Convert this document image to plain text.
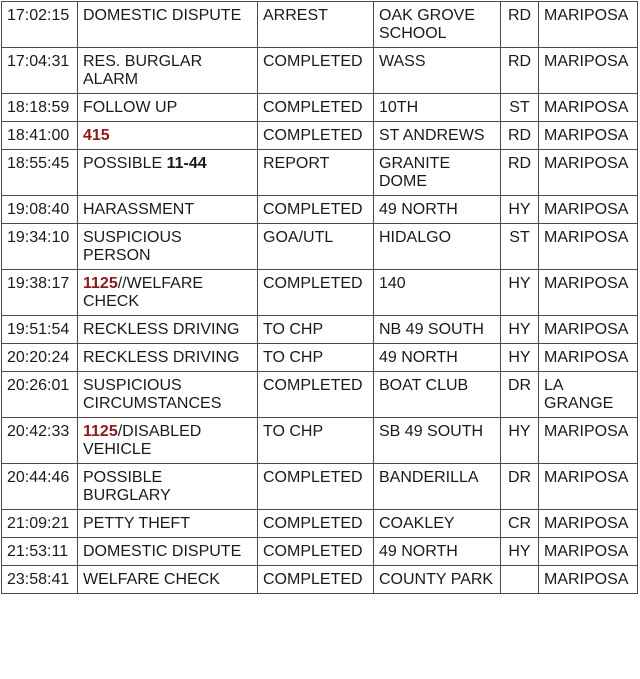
17:02:15	DOMESTIC DISPUTE	ARREST	OAK GROVE SCHOOL	RD	MARIPOSA
17:04:31	RES. BURGLAR ALARM	COMPLETED	WASS	RD	MARIPOSA
18:18:59	FOLLOW UP	COMPLETED	10TH	ST	MARIPOSA
18:41:00	415	COMPLETED	ST ANDREWS	RD	MARIPOSA
18:55:45	POSSIBLE 11-44	REPORT	GRANITE DOME	RD	MARIPOSA
19:08:40	HARASSMENT	COMPLETED	49 NORTH	HY	MARIPOSA
19:34:10	SUSPICIOUS PERSON	GOA/UTL	HIDALGO	ST	MARIPOSA
19:38:17	1125//WELFARE CHECK	COMPLETED	140	HY	MARIPOSA
19:51:54	RECKLESS DRIVING	TO CHP	NB 49 SOUTH	HY	MARIPOSA
20:20:24	RECKLESS DRIVING	TO CHP	49 NORTH	HY	MARIPOSA
20:26:01	SUSPICIOUS CIRCUMSTANCES	COMPLETED	BOAT CLUB	DR	LA GRANGE
20:42:33	1125/DISABLED VEHICLE	TO CHP	SB 49 SOUTH	HY	MARIPOSA
20:44:46	POSSIBLE BURGLARY	COMPLETED	BANDERILLA	DR	MARIPOSA
21:09:21	PETTY THEFT	COMPLETED	COAKLEY	CR	MARIPOSA
21:53:11	DOMESTIC DISPUTE	COMPLETED	49 NORTH	HY	MARIPOSA
23:58:41	WELFARE CHECK	COMPLETED	COUNTY PARK		MARIPOSA
